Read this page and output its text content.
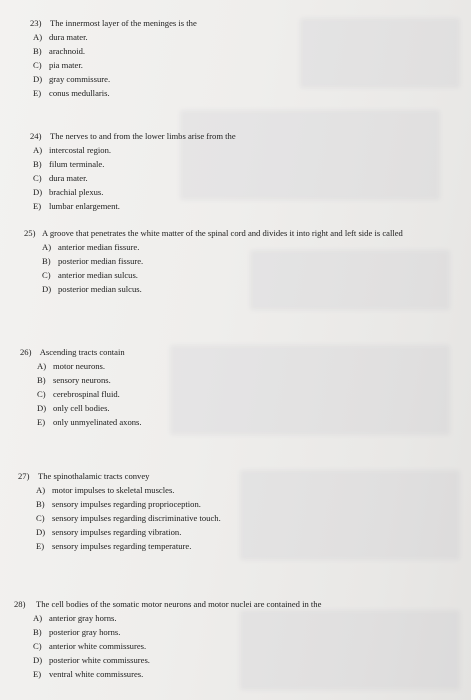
23) The innermost layer of the meninges is the
A) dura mater.
B) arachnoid.
C) pia mater.
D) gray commissure.
E) conus medullaris.
24) The nerves to and from the lower limbs arise from the
A) intercostal region.
B) filum terminale.
C) dura mater.
D) brachial plexus.
E) lumbar enlargement.
25) A groove that penetrates the white matter of the spinal cord and divides it into right and left side is called
A) anterior median fissure.
B) posterior median fissure.
C) anterior median sulcus.
D) posterior median sulcus.
26) Ascending tracts contain
A) motor neurons.
B) sensory neurons.
C) cerebrospinal fluid.
D) only cell bodies.
E) only unmyelinated axons.
27) The spinothalamic tracts convey
A) motor impulses to skeletal muscles.
B) sensory impulses regarding proprioception.
C) sensory impulses regarding discriminative touch.
D) sensory impulses regarding vibration.
E) sensory impulses regarding temperature.
28) The cell bodies of the somatic motor neurons and motor nuclei are contained in the
A) anterior gray horns.
B) posterior gray horns.
C) anterior white commissures.
D) posterior white commissures.
E) ventral white commissures.
